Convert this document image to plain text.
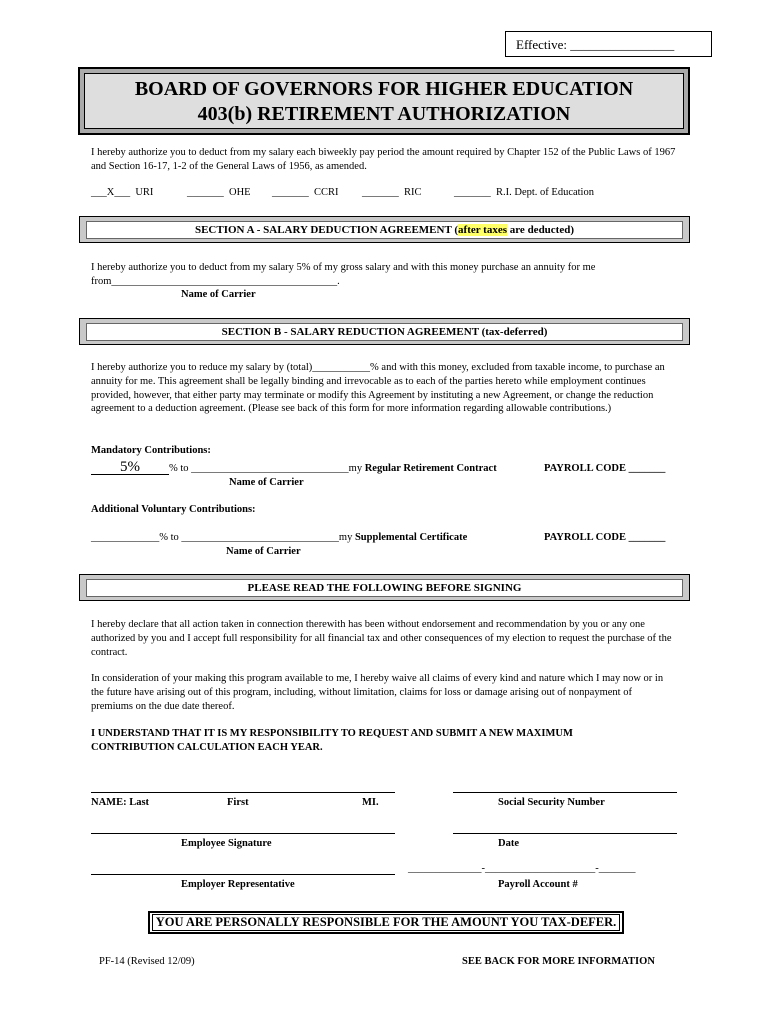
Effective: ________________
BOARD OF GOVERNORS FOR HIGHER EDUCATION
403(b) RETIREMENT AUTHORIZATION
I hereby authorize you to deduct from my salary each biweekly pay period the amount required by Chapter 152 of the Public Laws of 1967 and Section 16-17, 1-2 of the General Laws of 1956, as amended.
___X___ URI	_______ OHE _______ CCRI _______ RIC	_______ R.I. Dept. of Education
SECTION A - SALARY DEDUCTION AGREEMENT (after taxes are deducted)
I hereby authorize you to deduct from my salary 5% of my gross salary and with this money purchase an annuity for me
from___________________________________________.
Name of Carrier
SECTION B - SALARY REDUCTION AGREEMENT (tax-deferred)
I hereby authorize you to reduce my salary by (total)___________% and with this money, excluded from taxable income, to purchase an annuity for me. This agreement shall be legally binding and irrevocable as to each of the parties hereto while employment continues provided, however, that either party may terminate or modify this Agreement by instituting a new Agreement, or change the reduction agreement to a deduction agreement. (Please see back of this form for more information regarding allowable contributions.)
Mandatory Contributions:
5%	% to ______________________________my Regular Retirement Contract	PAYROLL CODE _______
Name of Carrier
Additional Voluntary Contributions:
_____________% to ______________________________my Supplemental Certificate	PAYROLL CODE _______
Name of Carrier
PLEASE READ THE FOLLOWING BEFORE SIGNING
I hereby declare that all action taken in connection therewith has been without endorsement and recommendation by you or any one authorized by you and I accept full responsibility for all financial tax and other consequences of my election to request the purchase of the contract.
In consideration of your making this program available to me, I hereby waive all claims of every kind and nature which I may now or in the future have arising out of this program, including, without limitation, claims for loss or damage arising out of nonpayment of premiums on the due date thereof.
I UNDERSTAND THAT IT IS MY RESPONSIBILITY TO REQUEST AND SUBMIT A NEW MAXIMUM CONTRIBUTION CALCULATION EACH YEAR.
NAME: Last	First	MI.	Social Security Number
Employee Signature	Date
______________-_____________________-_______
Employer Representative	Payroll Account #
YOU ARE PERSONALLY RESPONSIBLE FOR THE AMOUNT YOU TAX-DEFER.
PF-14 (Revised 12/09)	SEE BACK FOR MORE INFORMATION
